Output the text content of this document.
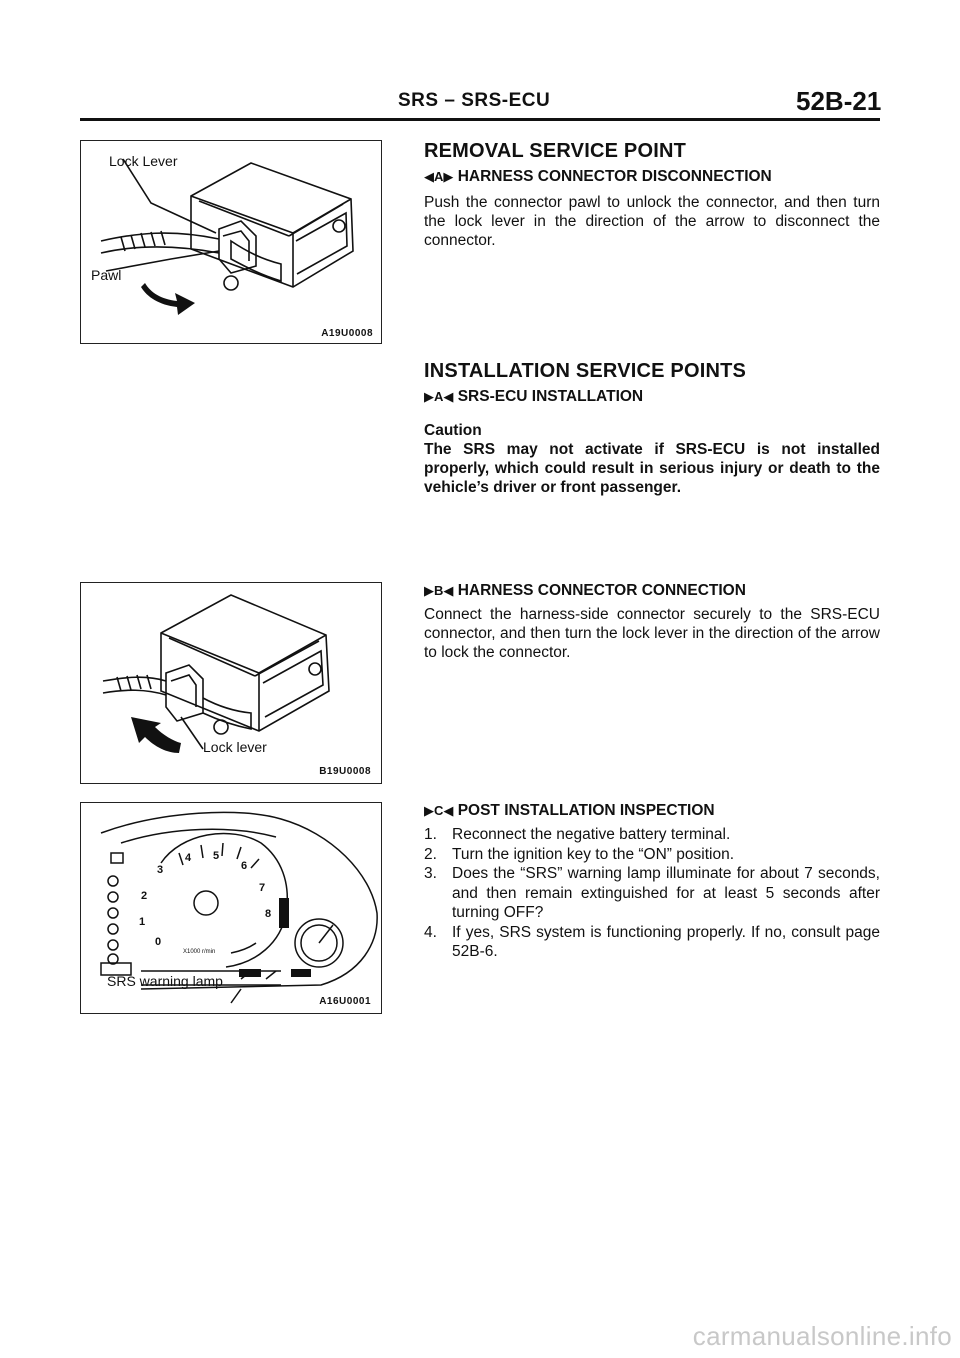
SRS – SRS-ECU	52B-21
Lock Lever
Pawl
A19U0008
REMOVAL SERVICE POINT
◀A▶ HARNESS CONNECTOR DISCONNECTION
Push the connector pawl to unlock the connector, and then turn the lock lever in the direction of the arrow to disconnect the connector.
INSTALLATION SERVICE POINTS
▶A◀ SRS-ECU INSTALLATION
Caution
The SRS may not activate if SRS-ECU is not installed properly, which could result in serious injury or death to the vehicle’s driver or front passenger.
Lock lever
B19U0008
▶B◀ HARNESS CONNECTOR CONNECTION
Connect the harness-side connector securely to the SRS-ECU connector, and then turn the lock lever in the direction of the arrow to lock the connector.
0
1
2
3
4 5
6
7
8
X1000 r/min
SRS warning lamp
A16U0001
▶C◀ POST INSTALLATION INSPECTION
1. Reconnect the negative battery terminal.
2. Turn the ignition key to the “ON” position.
3. Does the “SRS” warning lamp illuminate for about 7 seconds, and then remain extinguished for at least 5 seconds after turning OFF?
4. If yes, SRS system is functioning properly. If no, consult page 52B-6.
carmanualsonline.info
